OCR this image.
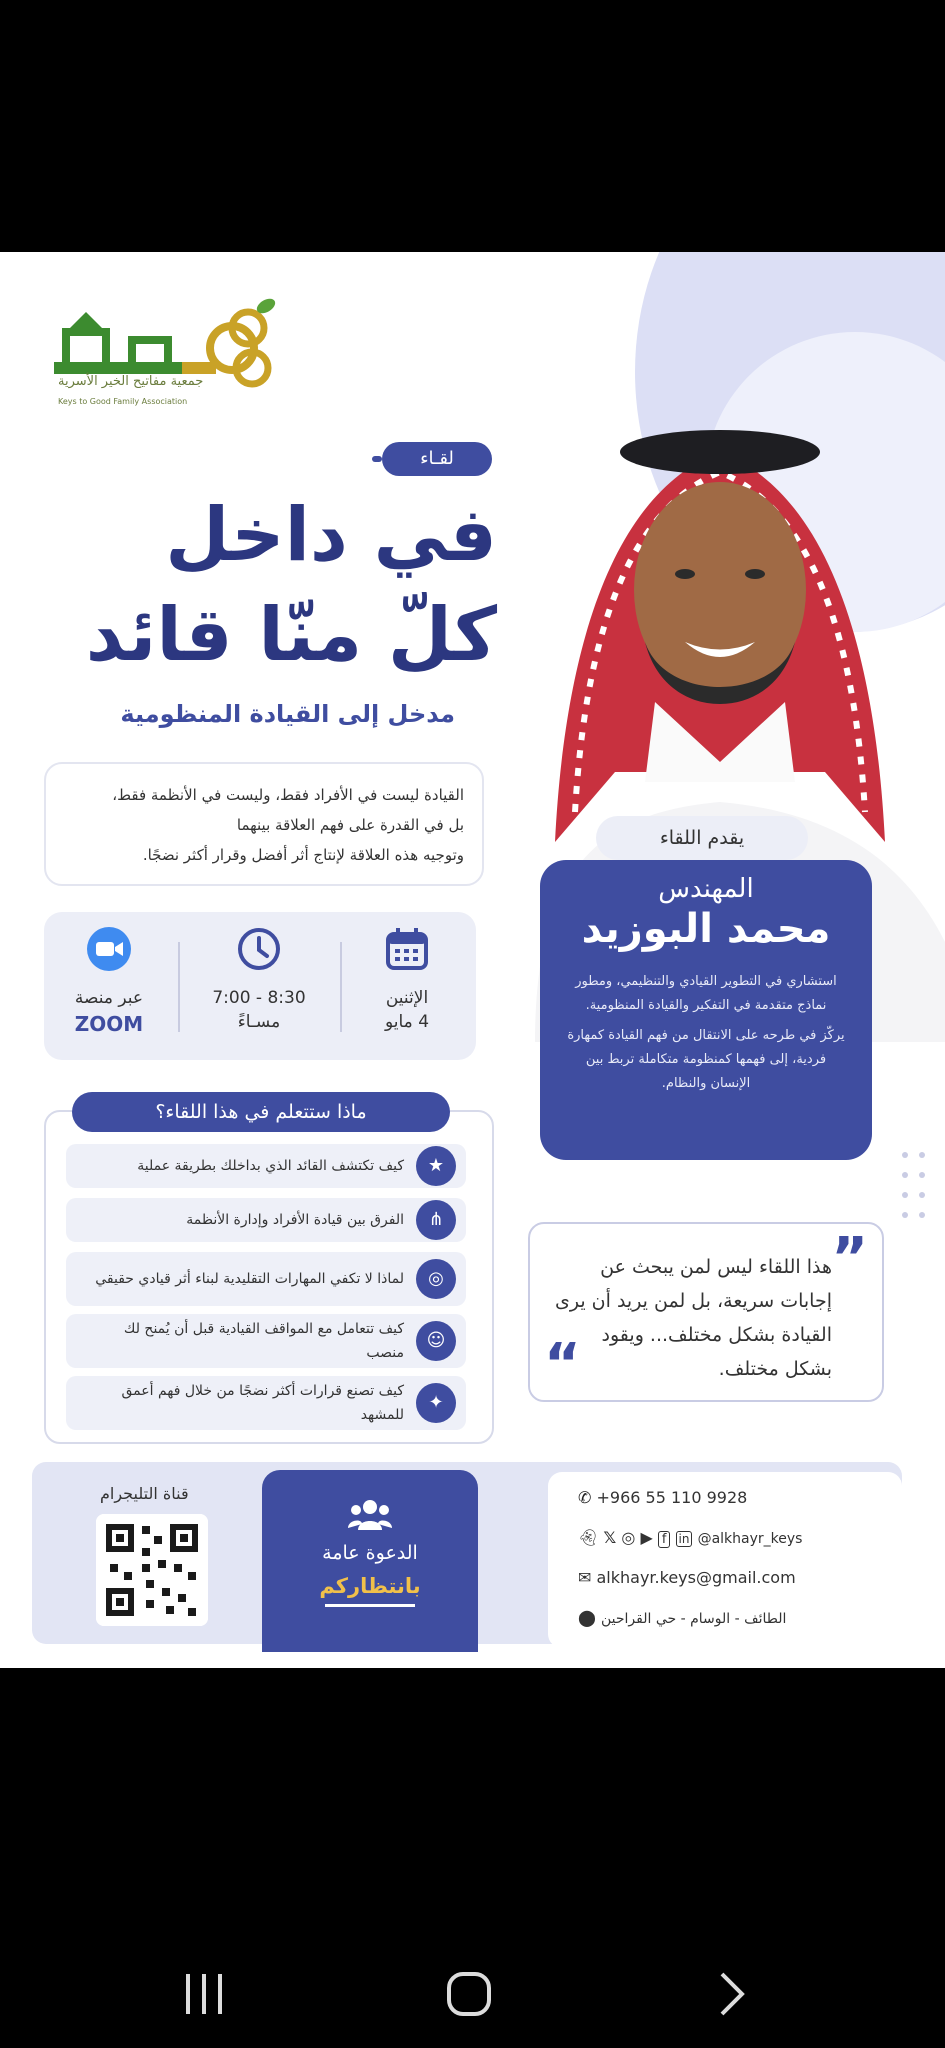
جمعية مفاتيح الخير الأسرية
Keys to Good Family Association
لقـاء
في داخل
كلّ منّا قائد
مدخل إلى القيادة المنظومية
القيادة ليست في الأفراد فقط، وليست في الأنظمة فقط،
بل في القدرة على فهم العلاقة بينهما
وتوجيه هذه العلاقة لإنتاج أثر أفضل وقرار أكثر نضجًا.
الإثنين
4 مايو
8:30 - 7:00
مسـاءً
عبر منصة
ZOOM
ماذا ستتعلم في هذا اللقاء؟
★
كيف تكتشف القائد الذي بداخلك بطريقة عملية
⋔
الفرق بين قيادة الأفراد وإدارة الأنظمة
◎
لماذا لا تكفي المهارات التقليدية لبناء أثر قيادي حقيقي
☺
كيف تتعامل مع المواقف القيادية قبل أن يُمنح لك منصب
✦
كيف تصنع قرارات أكثر نضجًا من خلال فهم أعمق للمشهد
يقدم اللقاء
المهندس
محمد البوزيد
استشاري في التطوير القيادي والتنظيمي، ومطور نماذج متقدمة في التفكير والقيادة المنظومية.
يركّز في طرحه على الانتقال من فهم القيادة كمهارة فردية، إلى فهمها كمنظومة متكاملة تربط بين الإنسان والنظام.
”
هذا اللقاء ليس لمن يبحث عن إجابات سريعة، بل لمن يريد أن يرى القيادة بشكل مختلف... ويقود بشكل مختلف.
“
قناة التليجرام
الدعوة عامة
بانتظاركم
✆ +966 55 110 9928
👻︎ 𝕏 ◎ ▶ f in @alkhayr_keys
✉ alkhayr.keys@gmail.com
الطائف - الوسام - حي القراحين ⬤
